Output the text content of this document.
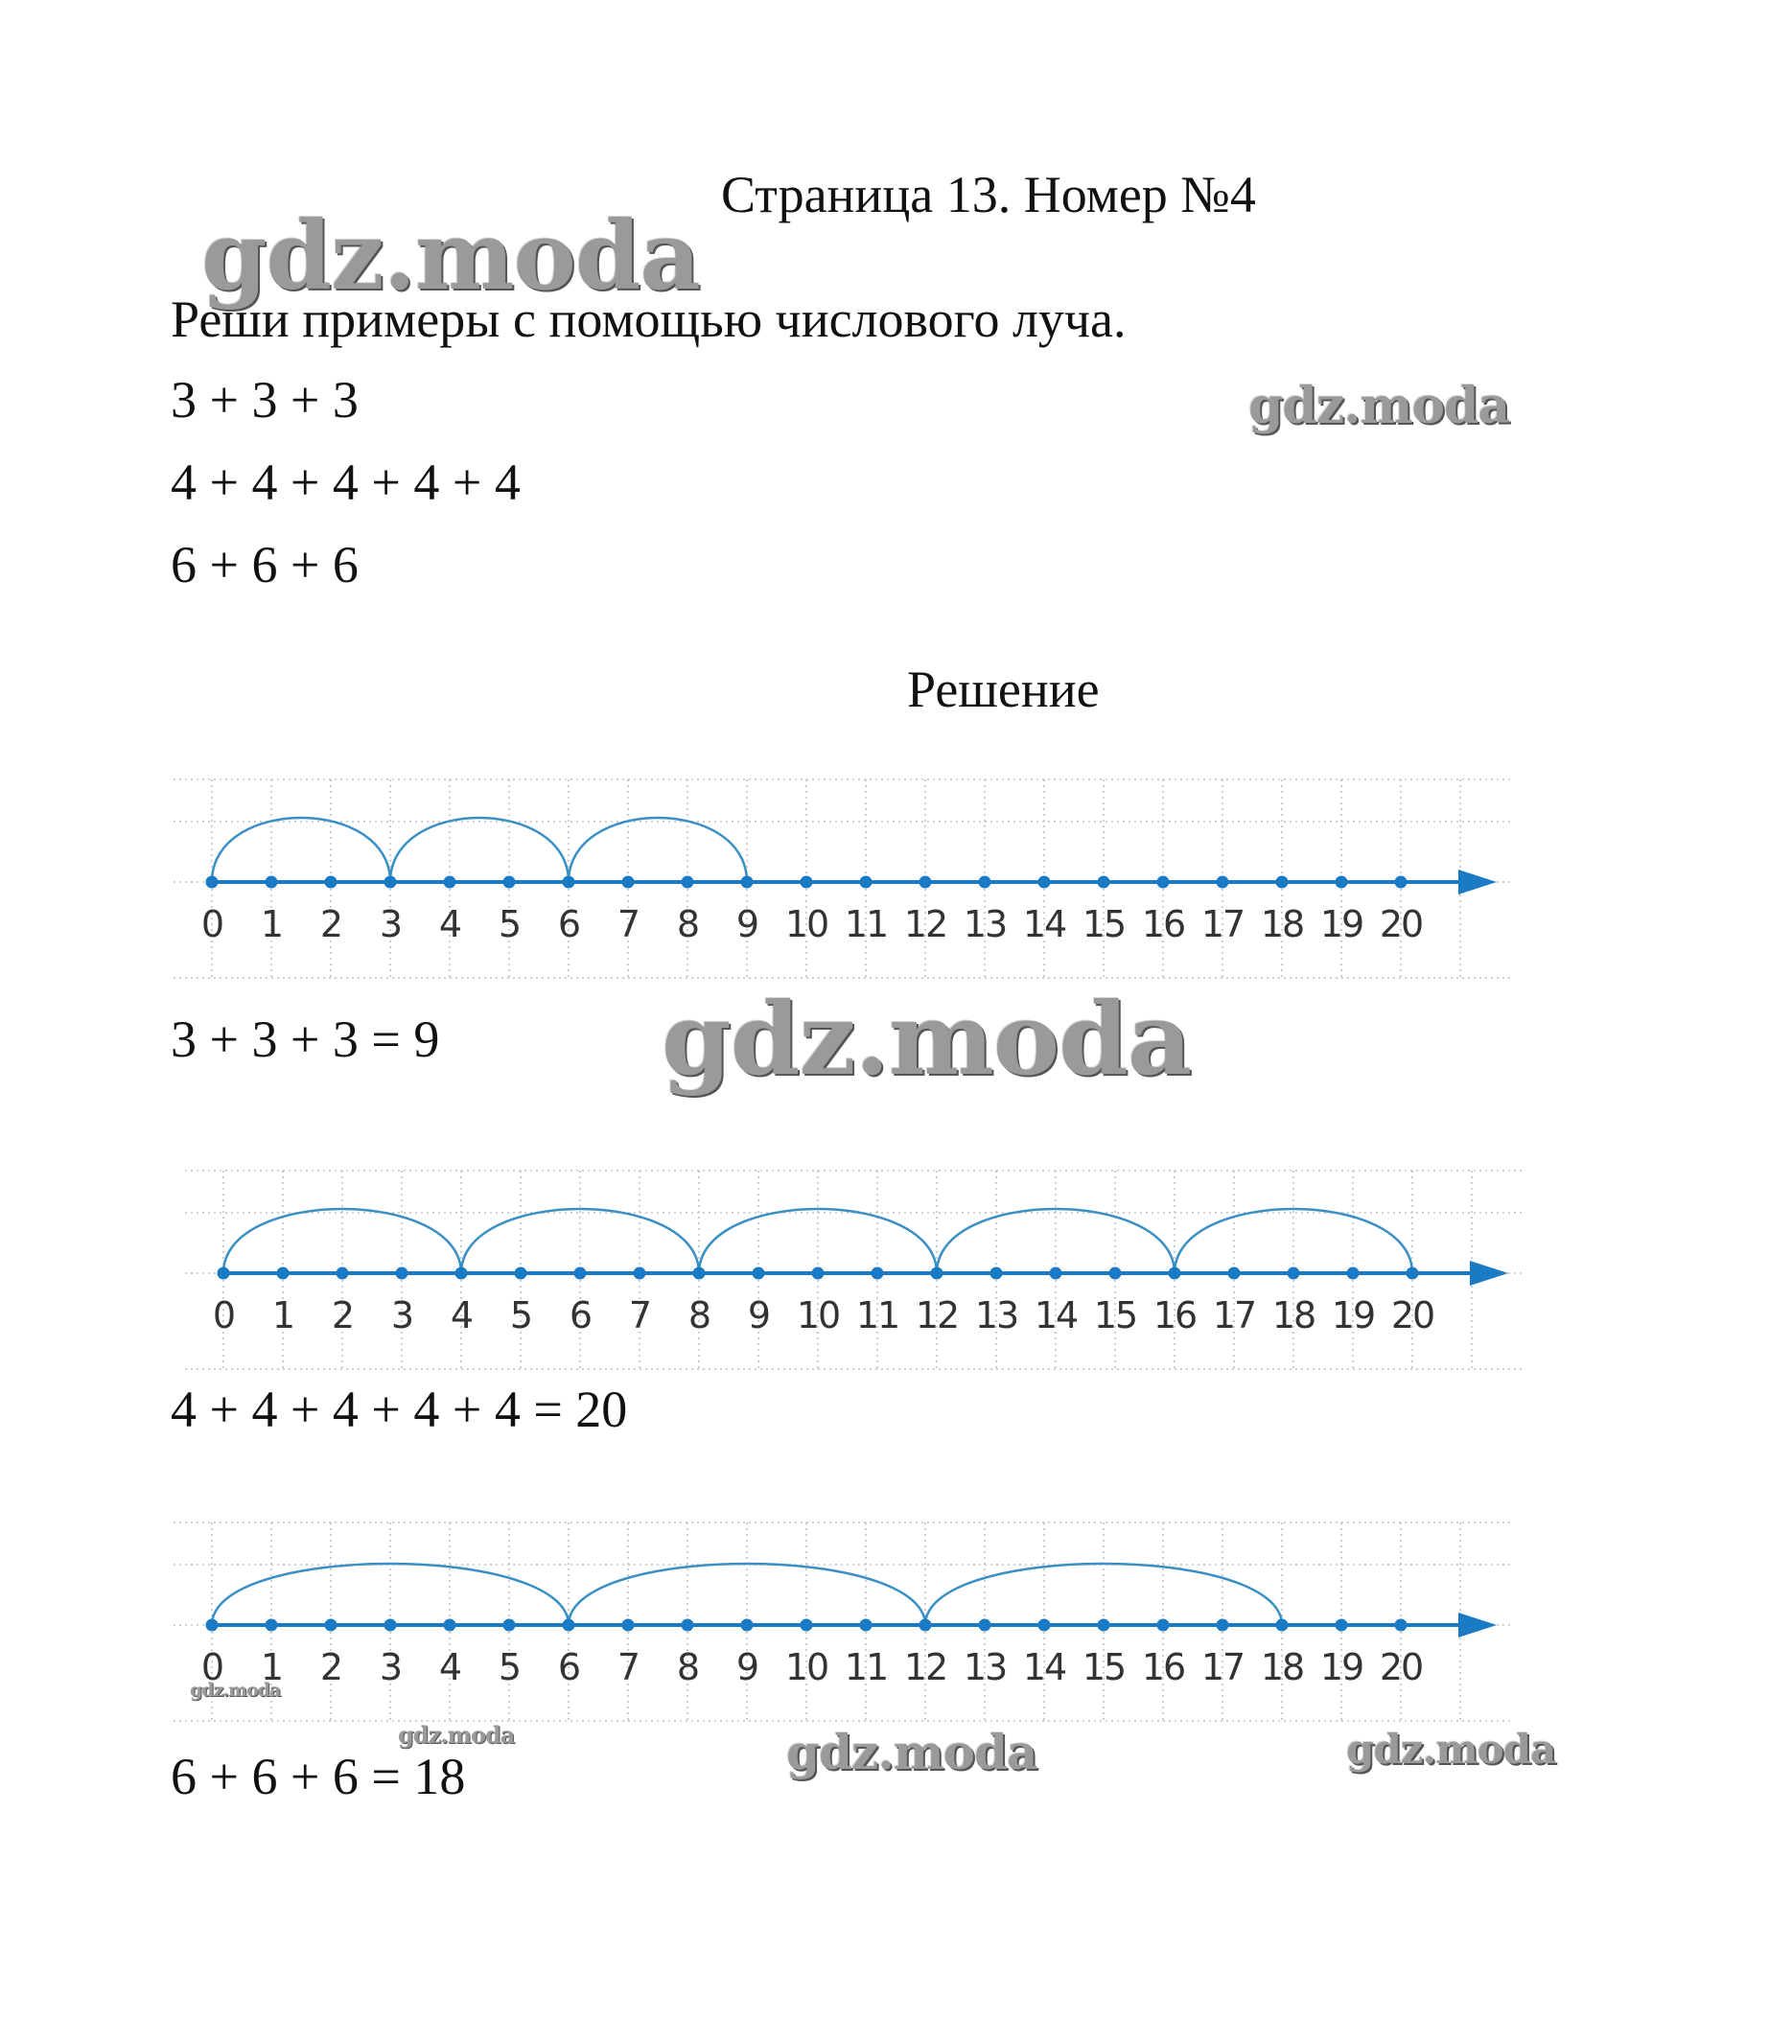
Страница 13. Номер №4
Реши примеры с помощью числового луча.
3 + 3 + 3
4 + 4 + 4 + 4 + 4
6 + 6 + 6
Решение
0 1 2 3 4 5 6 7 8 9 10 11 12 13 14 15 16 17 18 19 20
3 + 3 + 3 = 9
0 1 2 3 4 5 6 7 8 9 10 11 12 13 14 15 16 17 18 19 20
4 + 4 + 4 + 4 + 4 = 20
0 1 2 3 4 5 6 7 8 9 10 11 12 13 14 15 16 17 18 19 20
6 + 6 + 6 = 18
gdz.moda
gdz.moda
gdz.moda
gdz.moda
gdz.moda	gdz.moda	gdz.moda
